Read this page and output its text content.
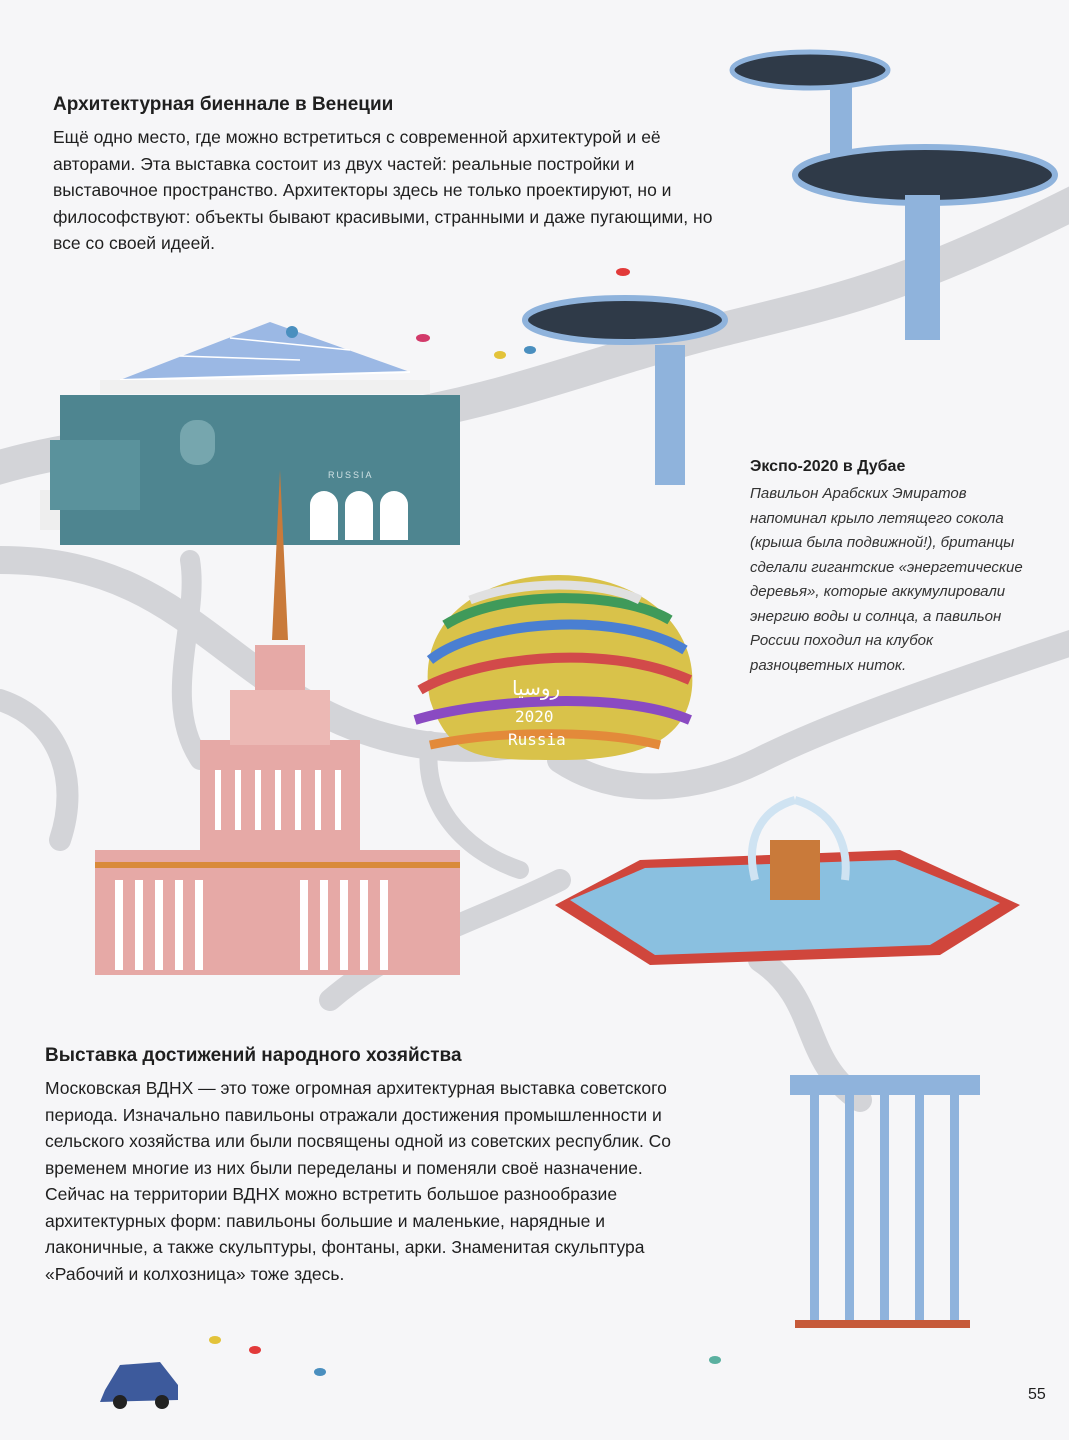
RUSSIA
روسيا
2020
Russia
Архитектурная биеннале в Венеции

Ещё одно место, где можно встретиться с современной архитектурой и её авторами. Эта выставка состоит из двух частей: реальные постройки и выставочное пространство. Архитекторы здесь не только проектируют, но и философствуют: объекты бывают красивыми, странными и даже пугающими, но все со своей идеей.

Экспо-2020 в Дубае

Павильон Арабских Эмиратов напоминал крыло летящего сокола (крыша была подвижной!), британцы сделали гигантские «энергетические деревья», которые аккумулировали энергию воды и солнца, а павильон России походил на клубок разноцветных ниток.

Выставка достижений народного хозяйства

Московская ВДНХ — это тоже огромная архитектурная выставка советского периода. Изначально павильоны отражали достижения промышленности и сельского хозяйства или были посвящены одной из советских республик. Со временем многие из них были переделаны и поменяли своё назначение. Сейчас на территории ВДНХ можно встретить большое разнообразие архитектурных форм: павильоны большие и маленькие, нарядные и лаконичные, а также скульптуры, фонтаны, арки. Знаменитая скульптура «Рабочий и колхозница» тоже здесь.

55
